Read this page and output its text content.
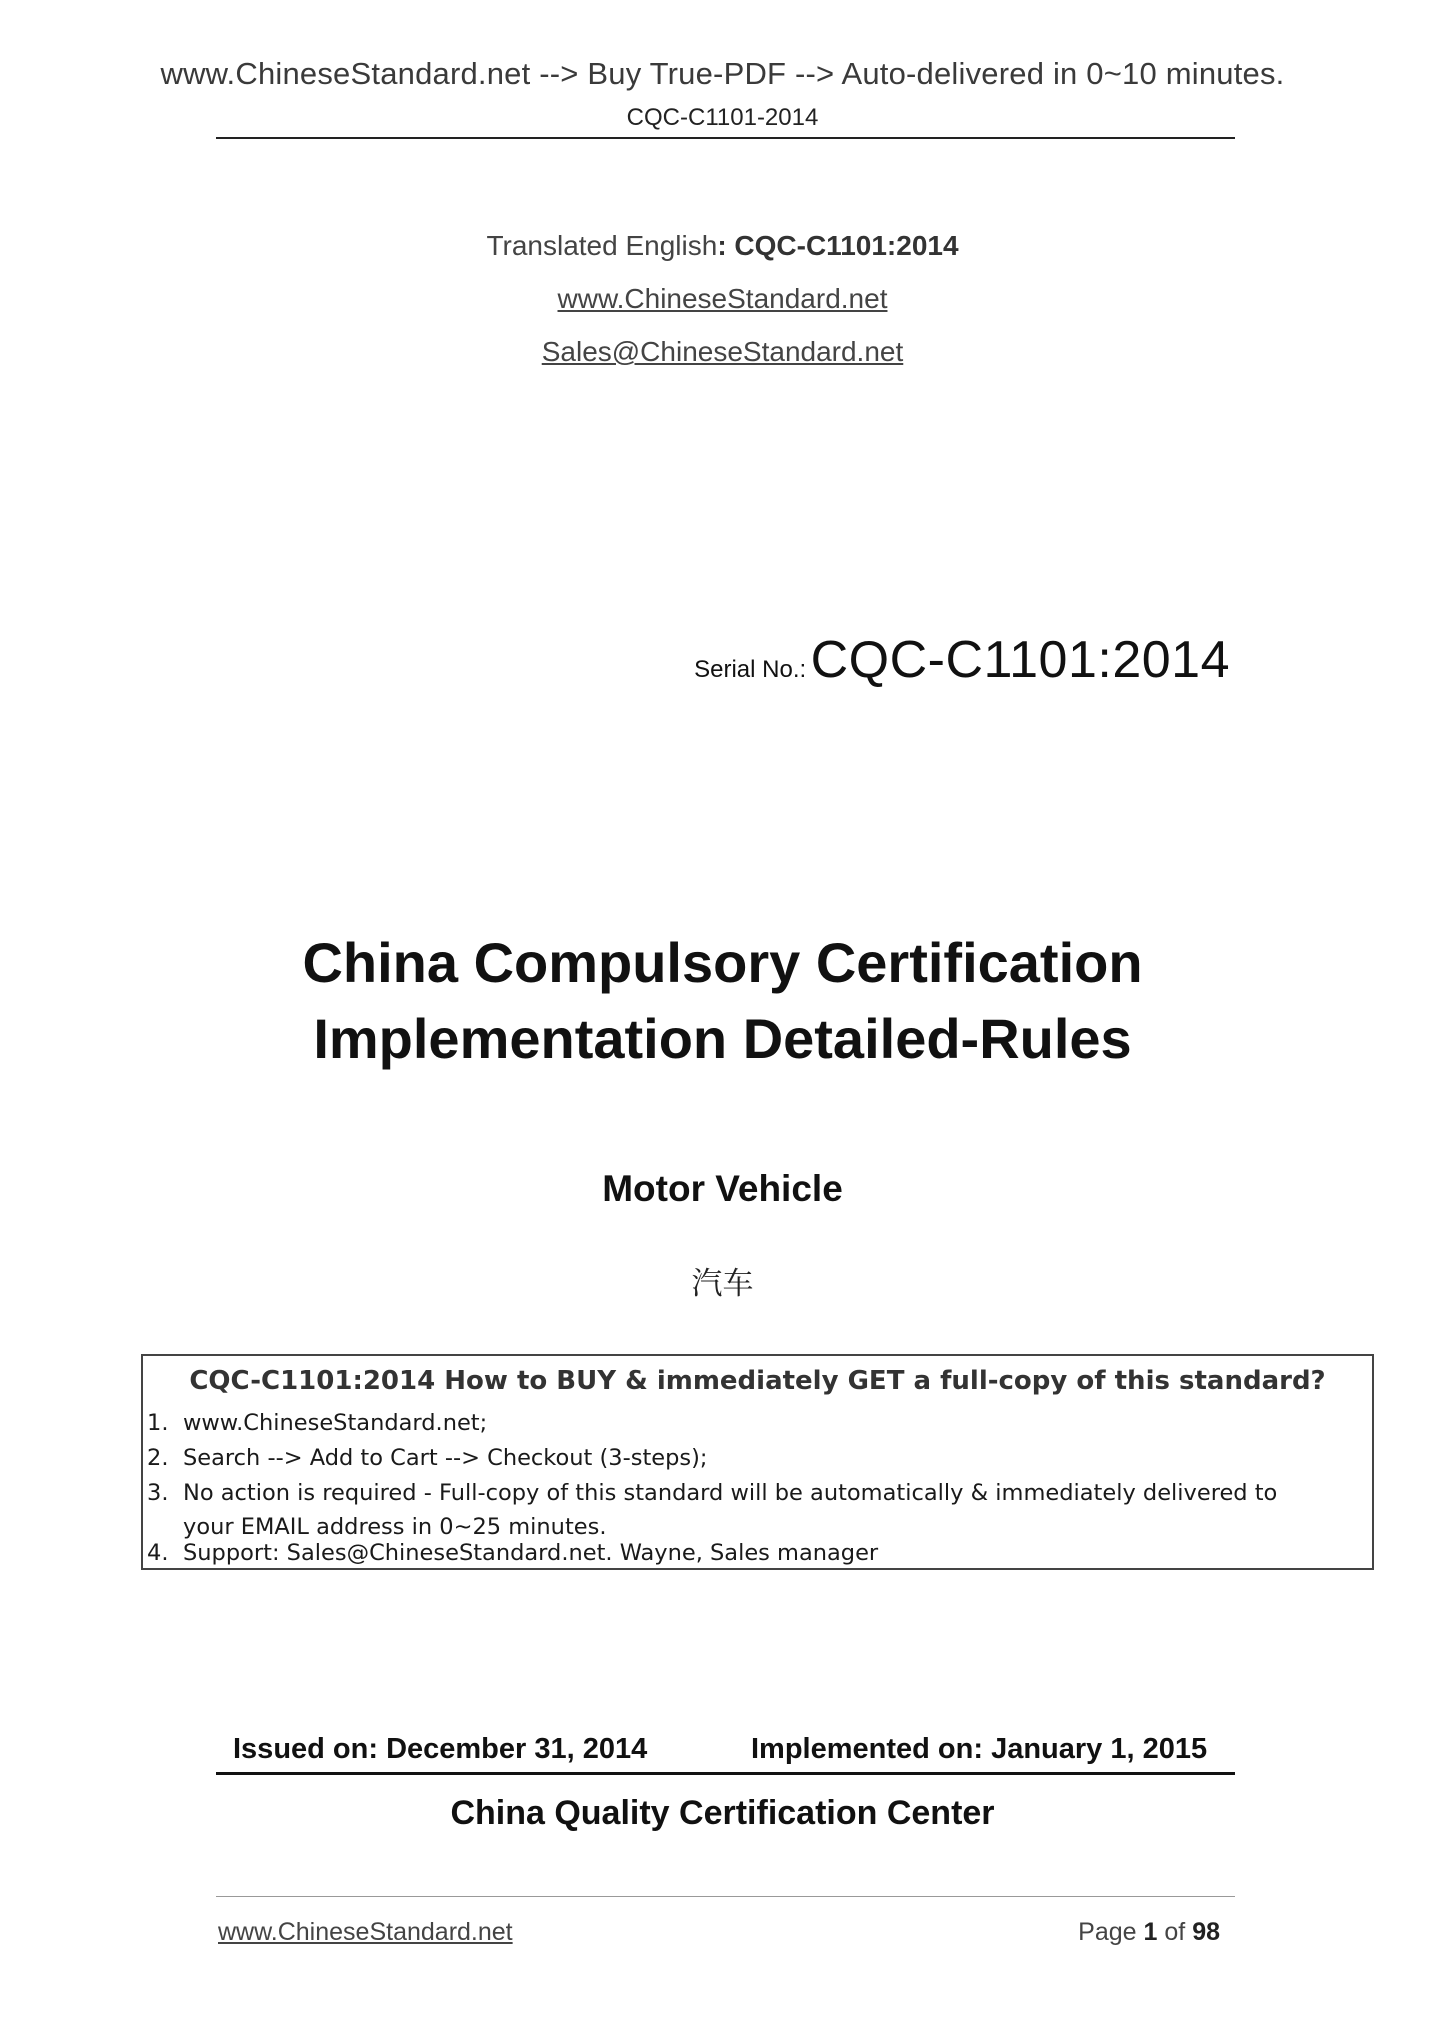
www.ChineseStandard.net --> Buy True-PDF --> Auto-delivered in 0~10 minutes.
CQC-C1101-2014
Translated English: CQC-C1101:2014
www.ChineseStandard.net
Sales@ChineseStandard.net
Serial No.: CQC-C1101:2014
China Compulsory Certification
Implementation Detailed-Rules
Motor Vehicle
汽车
CQC-C1101:2014 How to BUY & immediately GET a full-copy of this standard?
1. www.ChineseStandard.net;
2. Search --> Add to Cart --> Checkout (3-steps);
3. No action is required - Full-copy of this standard will be automatically & immediately delivered to
your EMAIL address in 0~25 minutes.
4. Support: Sales@ChineseStandard.net. Wayne, Sales manager
Issued on: December 31, 2014	Implemented on: January 1, 2015
China Quality Certification Center
www.ChineseStandard.net	Page 1 of 98
